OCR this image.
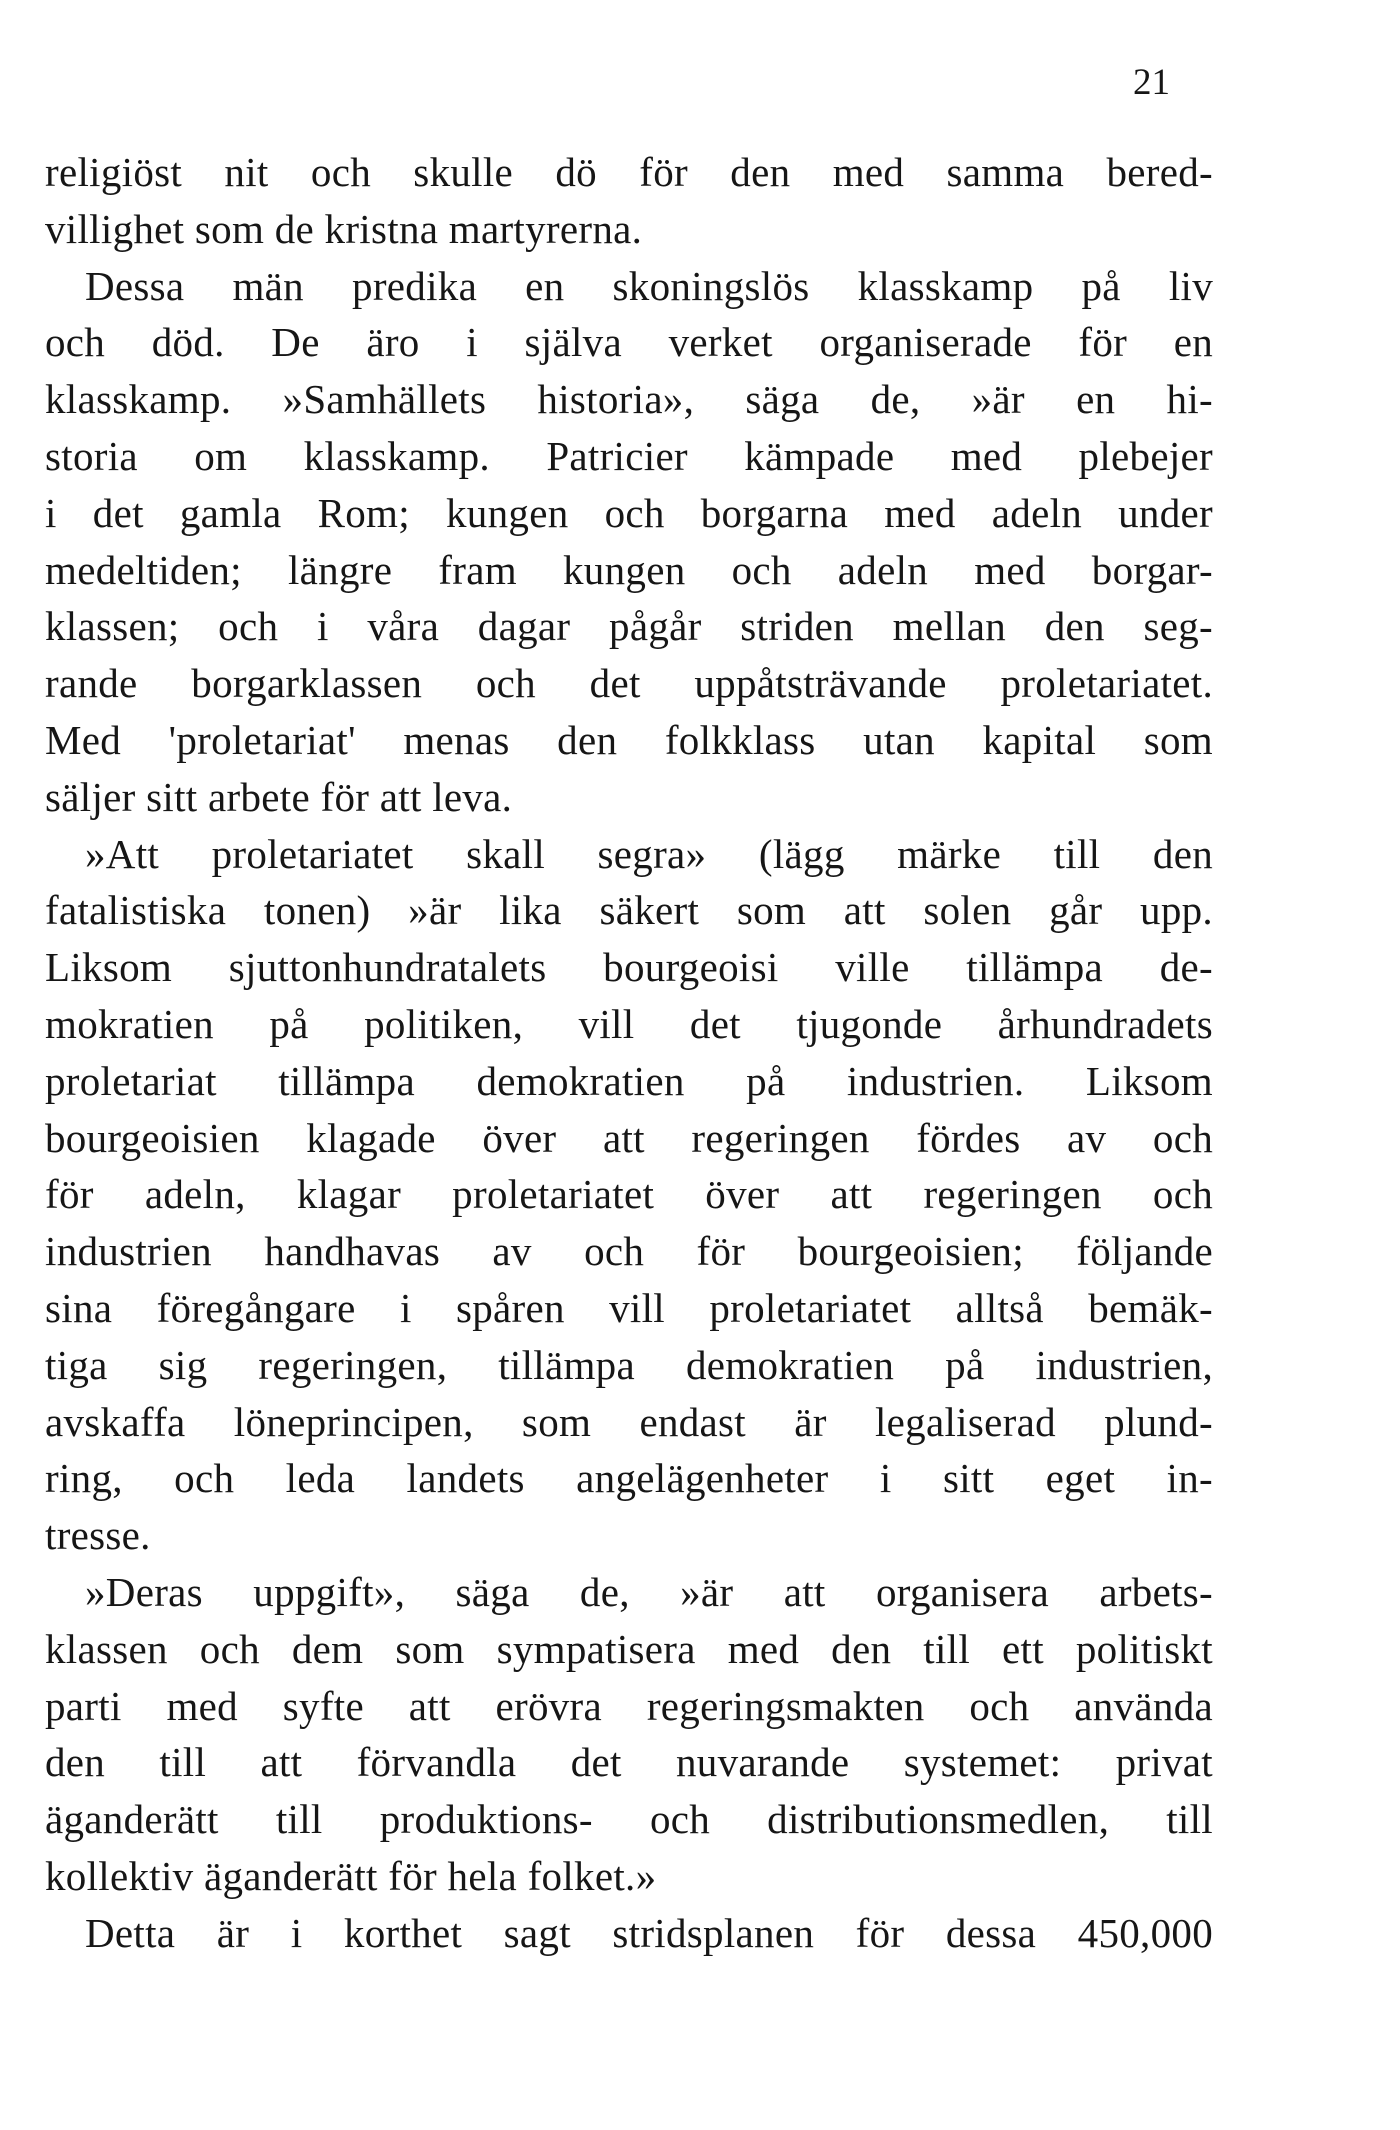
21
religiöst nit och skulle dö för den med samma bered-
villighet som de kristna martyrerna.
Dessa män predika en skoningslös klasskamp på liv
och död. De äro i själva verket organiserade för en
klasskamp. »Samhällets historia», säga de, »är en hi-
storia om klasskamp. Patricier kämpade med plebejer
i det gamla Rom; kungen och borgarna med adeln under
medeltiden; längre fram kungen och adeln med borgar-
klassen; och i våra dagar pågår striden mellan den seg-
rande borgarklassen och det uppåtsträvande proletariatet.
Med 'proletariat' menas den folkklass utan kapital som
säljer sitt arbete för att leva.
»Att proletariatet skall segra» (lägg märke till den
fatalistiska tonen) »är lika säkert som att solen går upp.
Liksom sjuttonhundratalets bourgeoisi ville tillämpa de-
mokratien på politiken, vill det tjugonde århundradets
proletariat tillämpa demokratien på industrien. Liksom
bourgeoisien klagade över att regeringen fördes av och
för adeln, klagar proletariatet över att regeringen och
industrien handhavas av och för bourgeoisien; följande
sina föregångare i spåren vill proletariatet alltså bemäk-
tiga sig regeringen, tillämpa demokratien på industrien,
avskaffa löneprincipen, som endast är legaliserad plund-
ring, och leda landets angelägenheter i sitt eget in-
tresse.
»Deras uppgift», säga de, »är att organisera arbets-
klassen och dem som sympatisera med den till ett politiskt
parti med syfte att erövra regeringsmakten och använda
den till att förvandla det nuvarande systemet: privat
äganderätt till produktions- och distributionsmedlen, till
kollektiv äganderätt för hela folket.»
Detta är i korthet sagt stridsplanen för dessa 450,000
